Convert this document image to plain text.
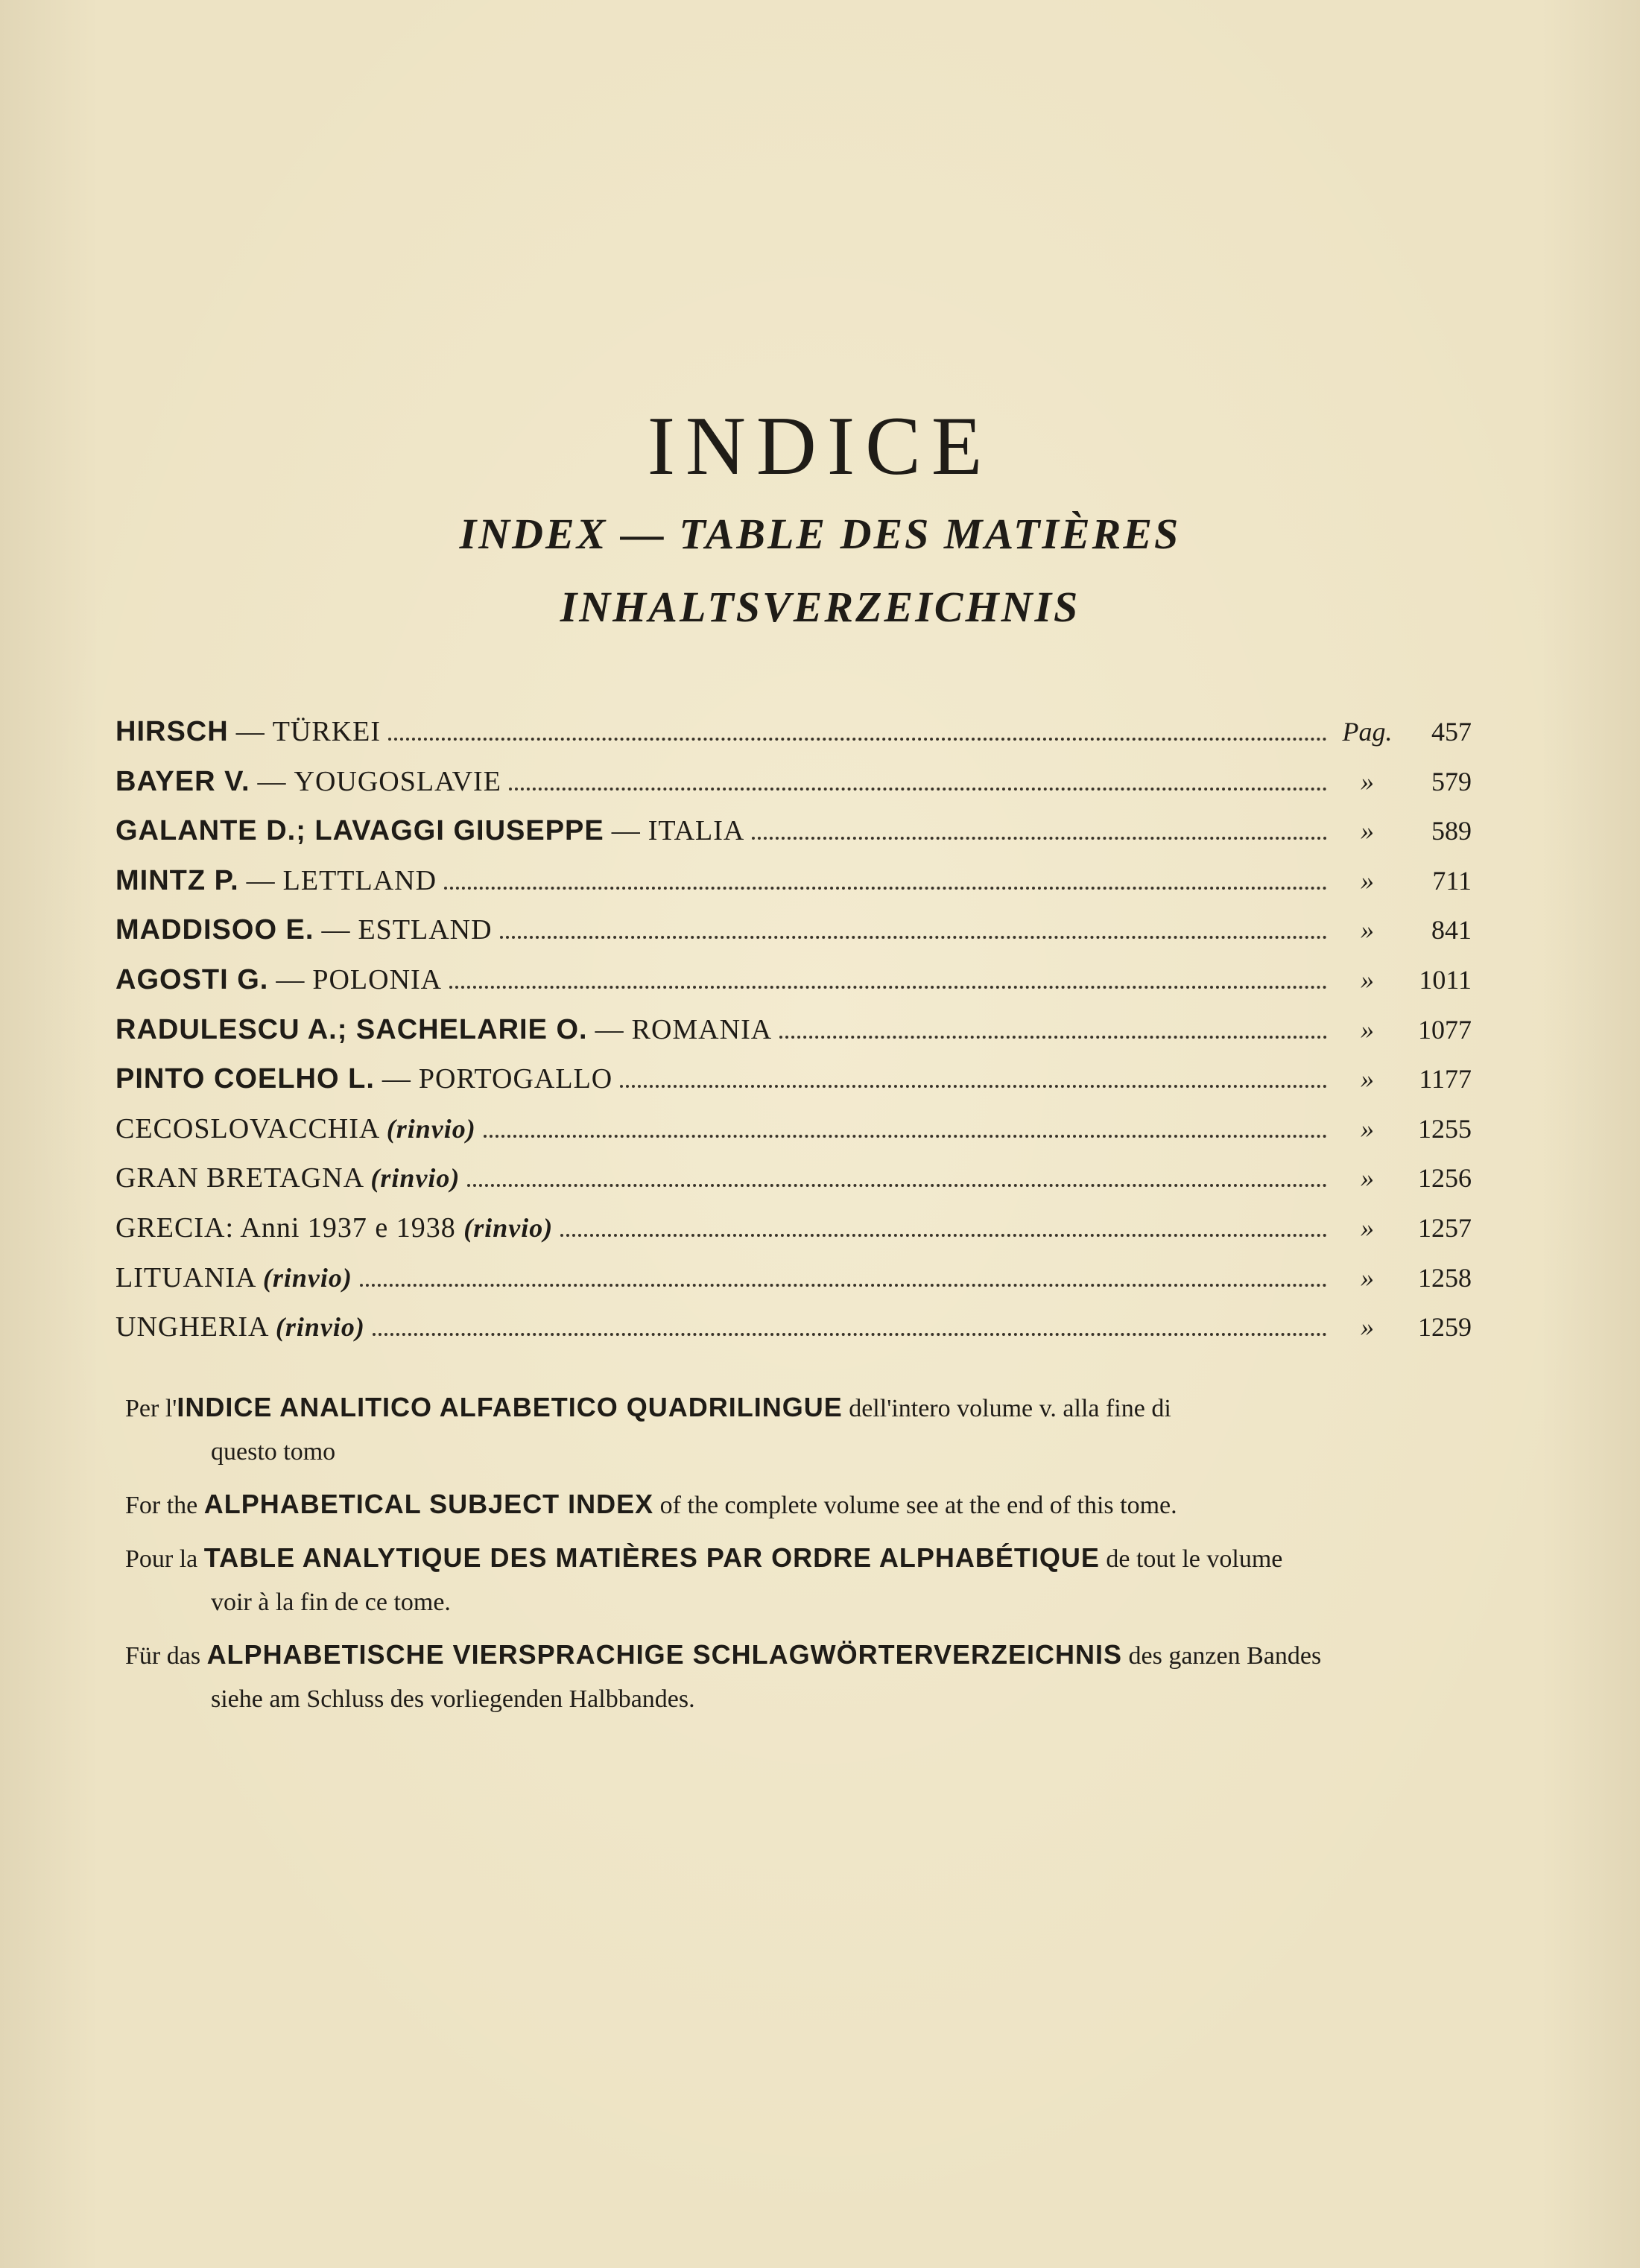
INDICE
INDEX — TABLE DES MATIÈRES
INHALTSVERZEICHNIS
HIRSCH — TÜRKEI	Pag.	457
BAYER V. — YOUGOSLAVIE	»	579
GALANTE D.; LAVAGGI GIUSEPPE — ITALIA	»	589
MINTZ P. — LETTLAND	»	711
MADDISOO E. — ESTLAND	»	841
AGOSTI G. — POLONIA	»	1011
RADULESCU A.; SACHELARIE O. — ROMANIA	»	1077
PINTO COELHO L. — PORTOGALLO	»	1177
CECOSLOVACCHIA (rinvio)	»	1255
GRAN BRETAGNA (rinvio)	»	1256
GRECIA: Anni 1937 e 1938 (rinvio)	»	1257
LITUANIA (rinvio)	»	1258
UNGHERIA (rinvio)	»	1259

Per l'INDICE ANALITICO ALFABETICO QUADRILINGUE dell'intero volume v. alla fine di
questo tomo

For the ALPHABETICAL SUBJECT INDEX of the complete volume see at the end of this tome.

Pour la TABLE ANALYTIQUE DES MATIÈRES PAR ORDRE ALPHABÉTIQUE de tout le volume
voir à la fin de ce tome.

Für das ALPHABETISCHE VIERSPRACHIGE SCHLAGWÖRTERVERZEICHNIS des ganzen Bandes
siehe am Schluss des vorliegenden Halbbandes.
